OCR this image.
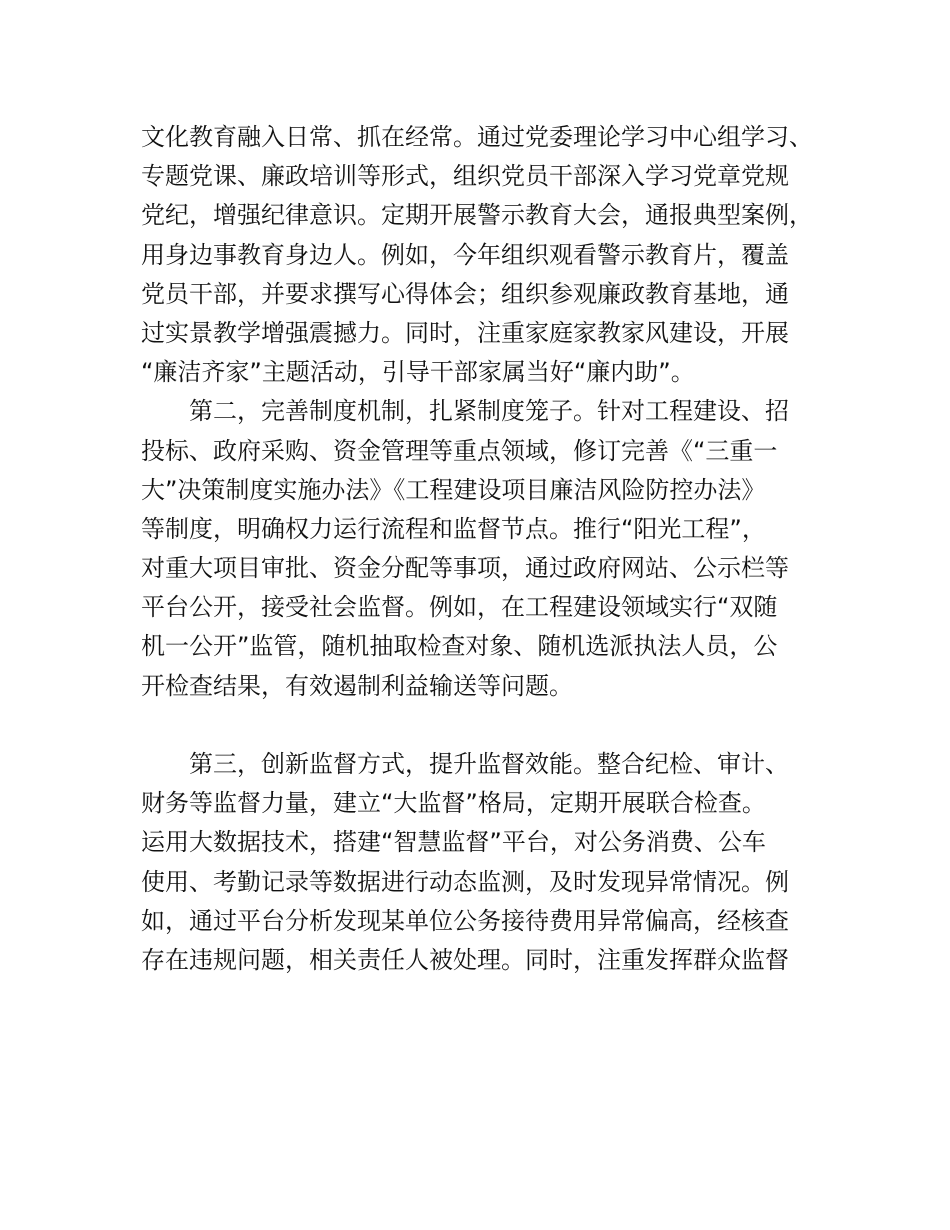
文化教育融入日常、抓在经常。通过党委理论学习中心组学习、
专题党课、廉政培训等形式，组织党员干部深入学习党章党规
党纪，增强纪律意识。定期开展警示教育大会，通报典型案例，
用身边事教育身边人。例如，今年组织观看警示教育片，覆盖
党员干部，并要求撰写心得体会；组织参观廉政教育基地，通
过实景教学增强震撼力。同时，注重家庭家教家风建设，开展
“廉洁齐家”主题活动，引导干部家属当好“廉内助”。
　　第二，完善制度机制，扎紧制度笼子。针对工程建设、招
投标、政府采购、资金管理等重点领域，修订完善《“三重一
大”决策制度实施办法》《工程建设项目廉洁风险防控办法》
等制度，明确权力运行流程和监督节点。推行“阳光工程”，
对重大项目审批、资金分配等事项，通过政府网站、公示栏等
平台公开，接受社会监督。例如，在工程建设领域实行“双随
机一公开”监管，随机抽取检查对象、随机选派执法人员，公
开检查结果，有效遏制利益输送等问题。
　　第三，创新监督方式，提升监督效能。整合纪检、审计、
财务等监督力量，建立“大监督”格局，定期开展联合检查。
运用大数据技术，搭建“智慧监督”平台，对公务消费、公车
使用、考勤记录等数据进行动态监测，及时发现异常情况。例
如，通过平台分析发现某单位公务接待费用异常偏高，经核查
存在违规问题，相关责任人被处理。同时，注重发挥群众监督
